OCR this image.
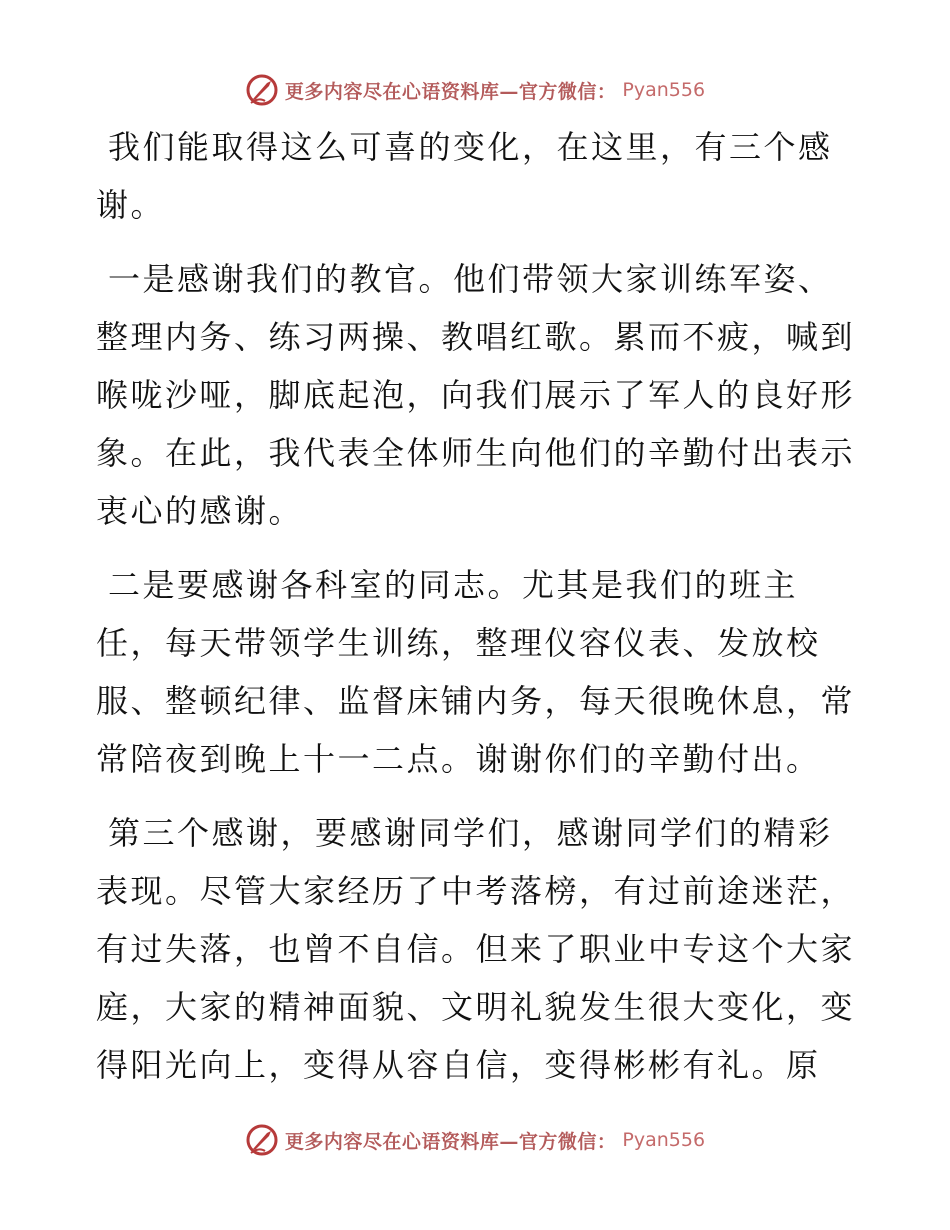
更多内容尽在心语资料库—官方微信： Pyan556

我们能取得这么可喜的变化，在这里，有三个感谢。

一是感谢我们的教官。他们带领大家训练军姿、整理内务、练习两操、教唱红歌。累而不疲，喊到喉咙沙哑，脚底起泡，向我们展示了军人的良好形象。在此，我代表全体师生向他们的辛勤付出表示衷心的感谢。

二是要感谢各科室的同志。尤其是我们的班主任，每天带领学生训练，整理仪容仪表、发放校服、整顿纪律、监督床铺内务，每天很晚休息，常常陪夜到晚上十一二点。谢谢你们的辛勤付出。

第三个感谢，要感谢同学们，感谢同学们的精彩表现。尽管大家经历了中考落榜，有过前途迷茫，有过失落，也曾不自信。但来了职业中专这个大家庭，大家的精神面貌、文明礼貌发生很大变化，变得阳光向上，变得从容自信，变得彬彬有礼。原

更多内容尽在心语资料库—官方微信： Pyan556
